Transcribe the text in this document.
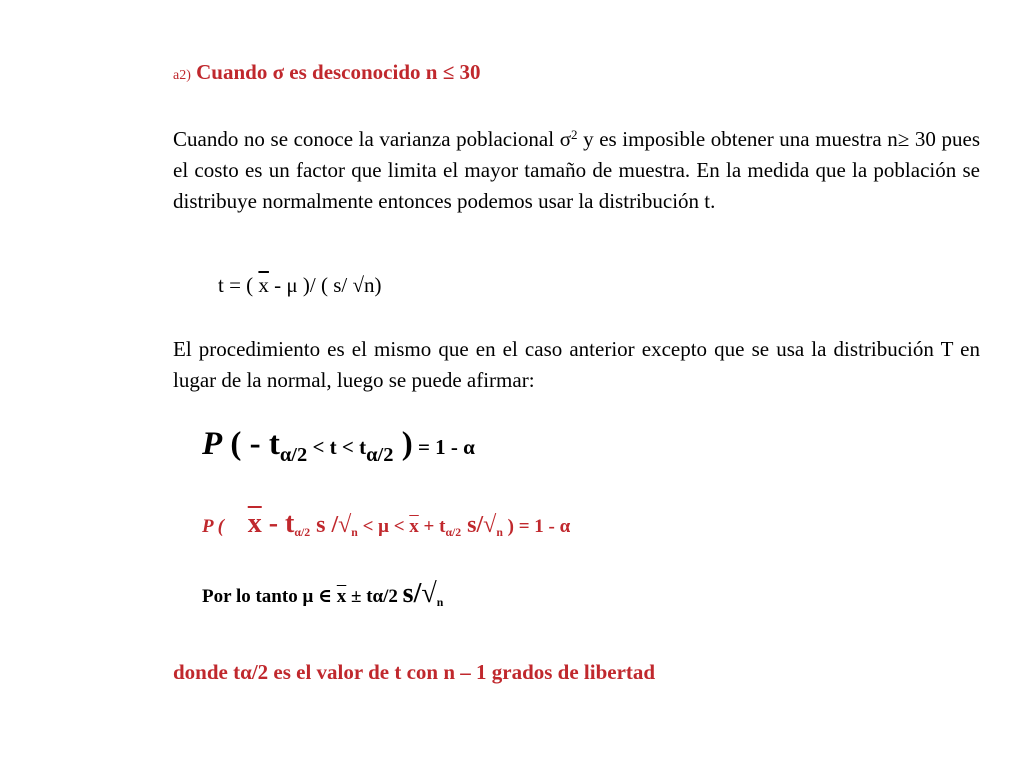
a2) Cuando σ es desconocido n ≤ 30
Cuando no se conoce la varianza poblacional $\sigma^2$ y es imposible obtener una muestra n≥ 30 pues el costo es un factor que limita el mayor tamaño de muestra. En la medida que la población se distribuye normalmente entonces podemos usar la distribución t.
t = ( $\overline{x}$ - μ )/ ( s/ √n)
El procedimiento es el mismo que en el caso anterior excepto que se usa la distribución T en lugar de la normal, luego se puede afirmar:
P ( - $t_{\alpha/2} < t < t_{\alpha/2}$ ) = 1 - α
P ( $\overline{x} - t_{\alpha/2}$ s $/√_n < \mu < \overline{x} + t_{\alpha/2}$ $s/√_n$ ) = 1 - α
Por lo tanto μ ∈ $\overline{x} \pm t\alpha/2$ $s/√_n$
donde tα/2 es el valor de t con n – 1 grados de libertad
